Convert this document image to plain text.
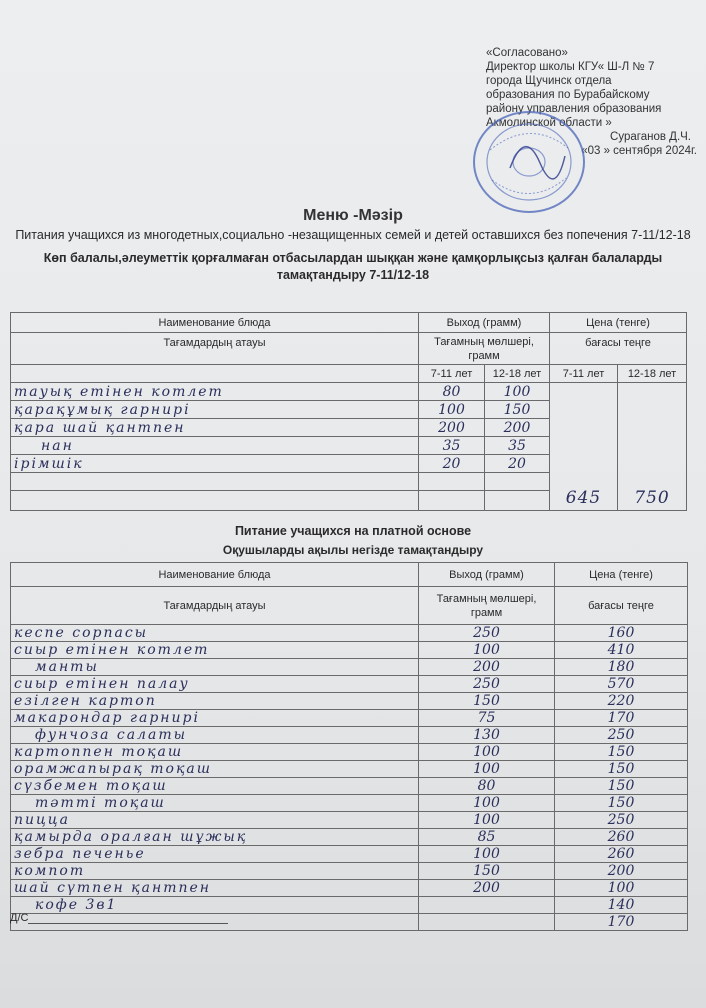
«Согласовано»
Директор школы КГУ« Ш-Л № 7
города Щучинск отдела
образования по Бурабайскому
району управления образования
Акмолинской области »
Сураганов Д.Ч.
«03 » сентября 2024г.
Меню -Мәзір
Питания учащихся из многодетных,социально -незащищенных семей и детей оставшихся без попечения 7-11/12-18
Көп балалы,әлеуметтік қорғалмаған отбасылардан шыққан және қамқорлықсыз қалған балаларды тамақтандыру 7-11/12-18
Наименование блюда	Выход (грамм)		Цена (тенге)	
Тағамдардың атауы	Тағамның мөлшері, грамм		бағасы теңге	
	7-11 лет	12-18 лет	7-11 лет	12-18 лет
тауық етінен котлет	80	100	645	750
қарақұмық гарнирі	100	150		
қара шай қантпен	200	200		
нан	35	35		
ірімшік	20	20		

Питание учащихся на платной основе
Оқушыларды ақылы негізде тамақтандыру
Наименование блюда	Выход (грамм)	Цена (тенге)
Тағамдардың атауы	Тағамның мөлшері, грамм	бағасы теңге
кеспе сорпасы	250	160
сиыр етінен котлет	100	410
манты	200	180
сиыр етінен палау	250	570
езілген картоп	150	220
макарондар гарнирі	75	170
фунчоза салаты	130	250
картоппен тоқаш	100	150
орамжапырақ тоқаш	100	150
сүзбемен тоқаш	80	150
тәтті тоқаш	100	150
пицца	100	250
қамырда оралған шұжық	85	260
зебра печенье	100	260
компот	150	200
шай сүтпен қантпен	200	100
кофе 3в1		140
		170
Д/С
